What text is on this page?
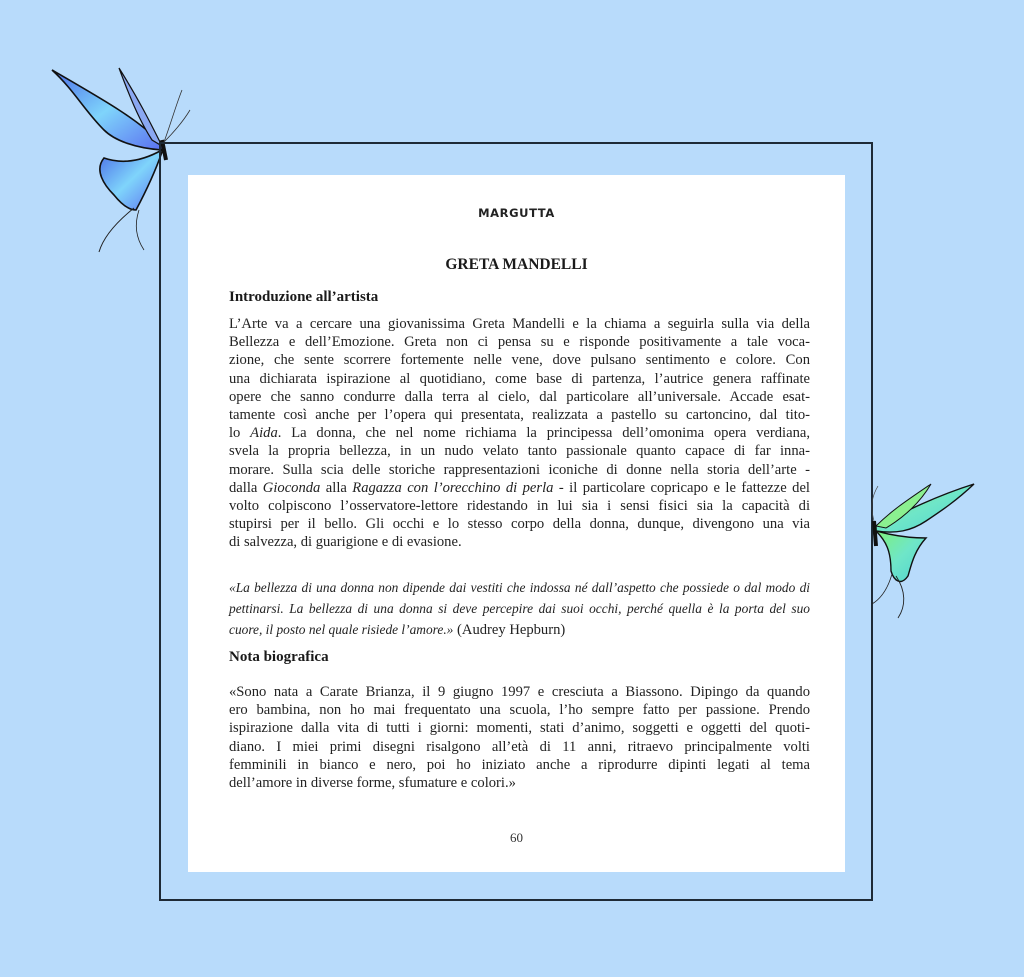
MARGUTTA
GRETA MANDELLI
Introduzione all’artista
L’Arte va a cercare una giovanissima Greta Mandelli e la chiama a seguirla sulla via della
Bellezza e dell’Emozione. Greta non ci pensa su e risponde positivamente a tale voca-
zione, che sente scorrere fortemente nelle vene, dove pulsano sentimento e colore. Con
una dichiarata ispirazione al quotidiano, come base di partenza, l’autrice genera raffinate
opere che sanno condurre dalla terra al cielo, dal particolare all’universale. Accade esat-
tamente così anche per l’opera qui presentata, realizzata a pastello su cartoncino, dal tito-
lo Aida. La donna, che nel nome richiama la principessa dell’omonima opera verdiana,
svela la propria bellezza, in un nudo velato tanto passionale quanto capace di far inna-
morare. Sulla scia delle storiche rappresentazioni iconiche di donne nella storia dell’arte -
dalla Gioconda alla Ragazza con l’orecchino di perla - il particolare copricapo e le fattezze del
volto colpiscono l’osservatore-lettore ridestando in lui sia i sensi fisici sia la capacità di
stupirsi per il bello. Gli occhi e lo stesso corpo della donna, dunque, divengono una via
di salvezza, di guarigione e di evasione.
«La bellezza di una donna non dipende dai vestiti che indossa né dall’aspetto che possiede o dal modo di
pettinarsi. La bellezza di una donna si deve percepire dai suoi occhi, perché quella è la porta del suo
cuore, il posto nel quale risiede l’amore.» (Audrey Hepburn)
Nota biografica
«Sono nata a Carate Brianza, il 9 giugno 1997 e cresciuta a Biassono. Dipingo da quando
ero bambina, non ho mai frequentato una scuola, l’ho sempre fatto per passione. Prendo
ispirazione dalla vita di tutti i giorni: momenti, stati d’animo, soggetti e oggetti del quoti-
diano. I miei primi disegni risalgono all’età di 11 anni, ritraevo principalmente volti
femminili in bianco e nero, poi ho iniziato anche a riprodurre dipinti legati al tema
dell’amore in diverse forme, sfumature e colori.»
60
